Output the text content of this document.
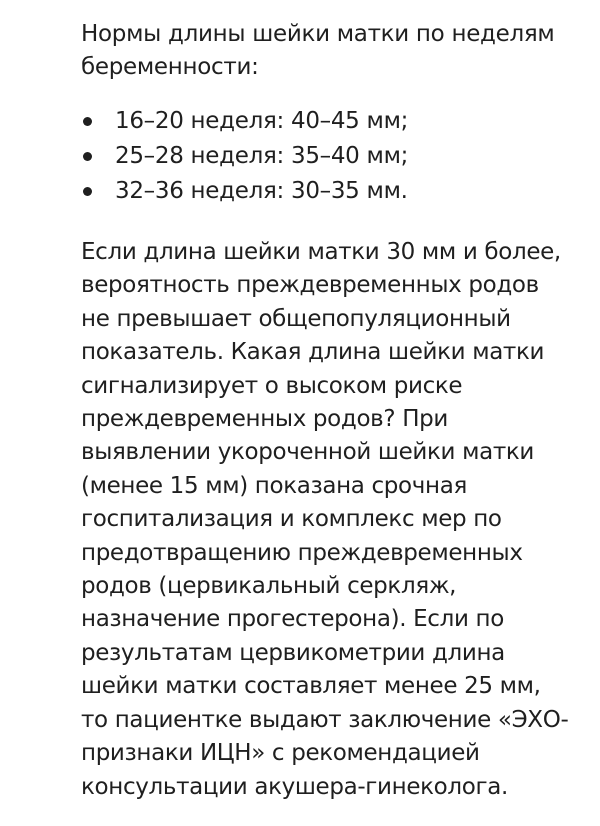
Нормы длины шейки матки по неделям беременности:

16–20 неделя: 40–45 мм;
25–28 неделя: 35–40 мм;
32–36 неделя: 30–35 мм.

Если длина шейки матки 30 мм и более, вероятность преждевременных родов не превышает общепопуляционный показатель. Какая длина шейки матки сигнализирует о высоком риске преждевременных родов? При выявлении укороченной шейки матки (менее 15 мм) показана срочная госпитализация и комплекс мер по предотвращению преждевременных родов (цервикальный серкляж, назначение прогестерона). Если по результатам цервикометрии длина шейки матки составляет менее 25 мм, то пациентке выдают заключение «ЭХО-признаки ИЦН» с рекомендацией консультации акушера-гинеколога.
